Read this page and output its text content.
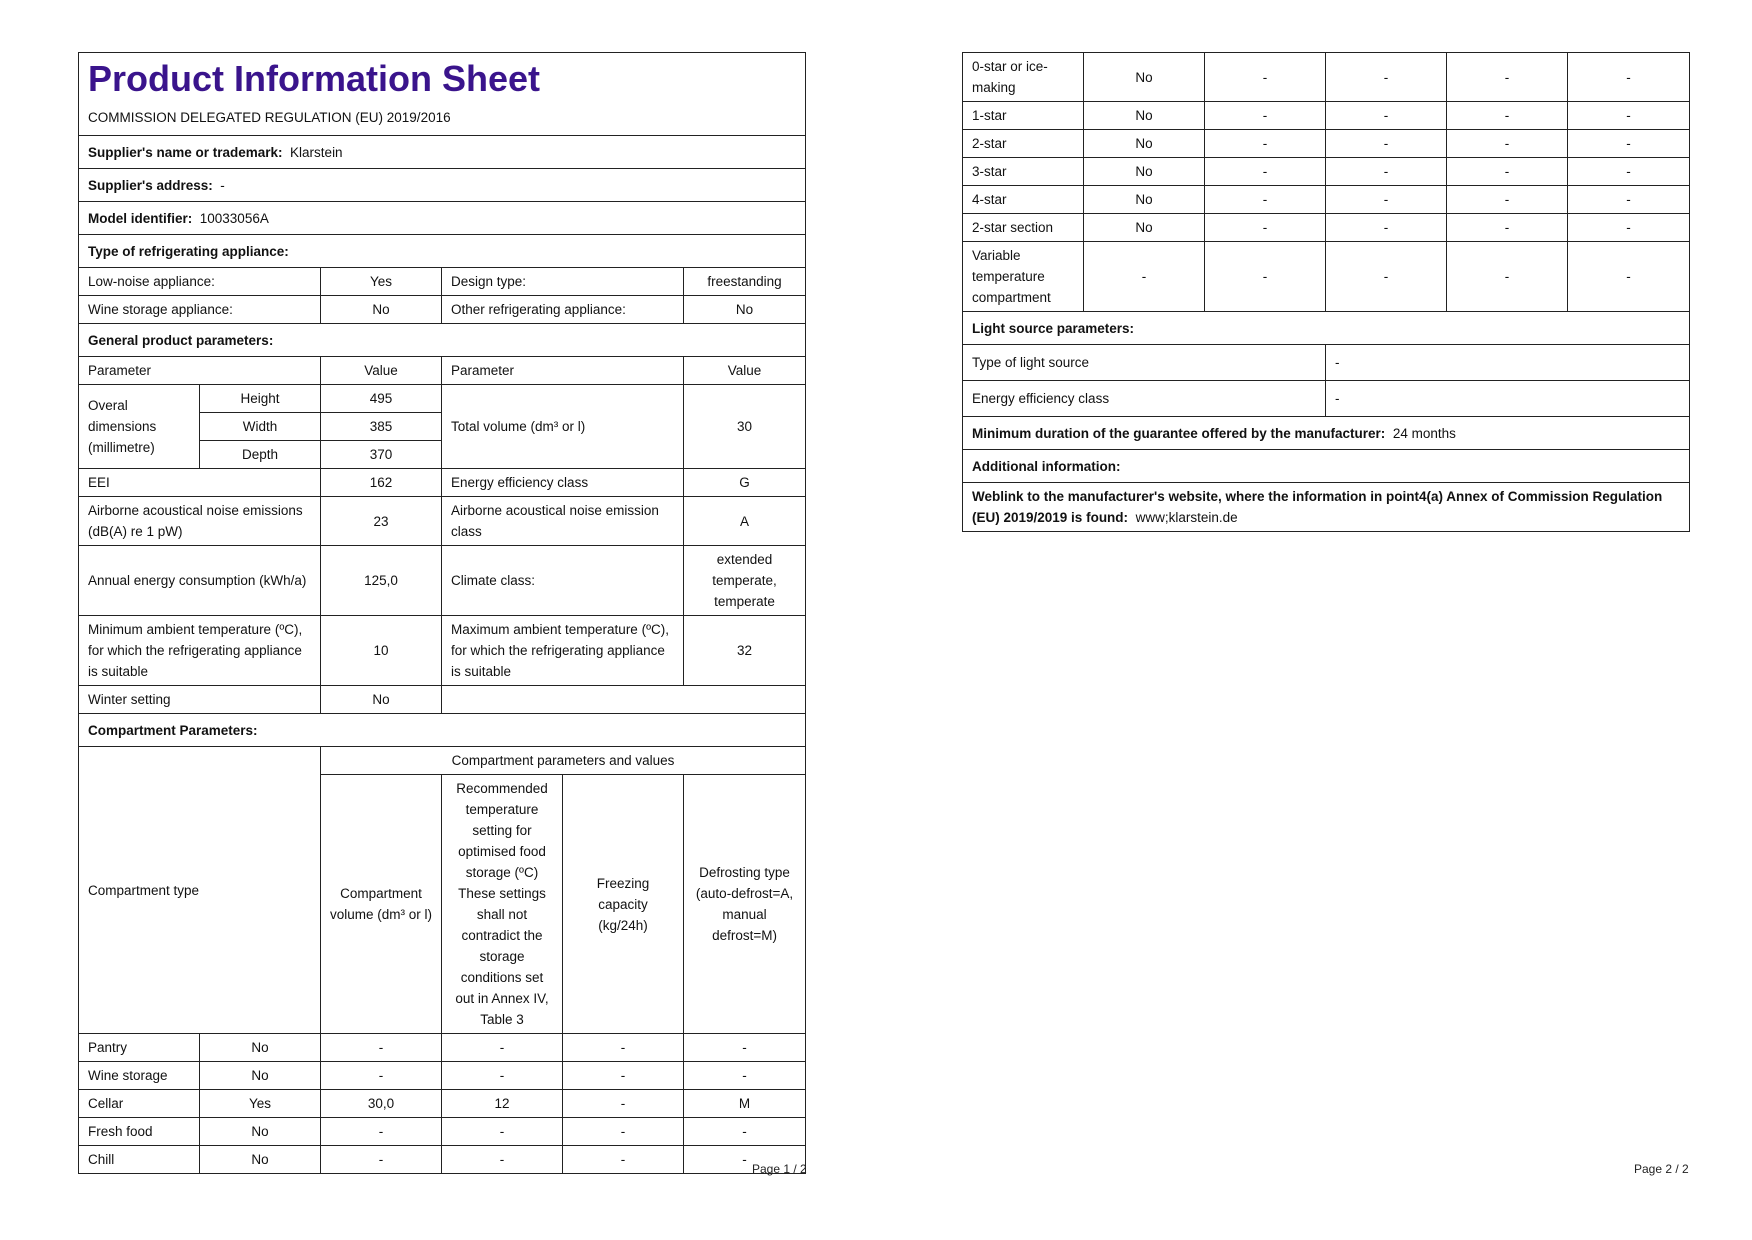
Product Information Sheet
COMMISSION DELEGATED REGULATION (EU) 2019/2016					

Supplier's name or trademark: Klarstein					
Supplier's address: -					
Model identifier: 10033056A					
Type of refrigerating appliance:					
Low-noise appliance:		Yes	Design type:		freestanding
Wine storage appliance:		No	Other refrigerating appliance:		No
General product parameters:					
Parameter		Value	Parameter		Value
Overal dimensions (millimetre)	Height	495	Total volume (dm³ or l)		30
	Width	385			
	Depth	370			
EEI		162	Energy efficiency class		G
Airborne acoustical noise emissions (dB(A) re 1 pW)		23	Airborne acoustical noise emission class		A
Annual energy consumption (kWh/a)		125,0	Climate class:		extended temperate, temperate
Minimum ambient temperature (ºC), for which the refrigerating appliance is suitable		10	Maximum ambient temperature (ºC), for which the refrigerating appliance is suitable		32
Winter setting		No			
Compartment Parameters:					
Compartment type		Compartment parameters and values			
		Compartment volume (dm³ or l)	Recommended temperature setting for optimised food storage (ºC) These settings shall not contradict the storage conditions set out in Annex IV, Table 3	Freezing capacity (kg/24h)	Defrosting type (auto-defrost=A, manual defrost=M)
Pantry	No	-	-	-	-
Wine storage	No	-	-	-	-
Cellar	Yes	30,0	12	-	M
Fresh food	No	-	-	-	-
Chill	No	-	-	-	-
Page 1 / 2
0-star or ice-making	No	-	-	-	-
1-star	No	-	-	-	-
2-star	No	-	-	-	-
3-star	No	-	-	-	-
4-star	No	-	-	-	-
2-star section	No	-	-	-	-
Variable temperature compartment	-	-	-	-	-
Light source parameters:					
Type of light source			-		
Energy efficiency class			-		
Minimum duration of the guarantee offered by the manufacturer: 24 months					
Additional information:					
Weblink to the manufacturer's website, where the information in point4(a) Annex of Commission Regulation (EU) 2019/2019 is found: www;klarstein.de					
Page 2 / 2
